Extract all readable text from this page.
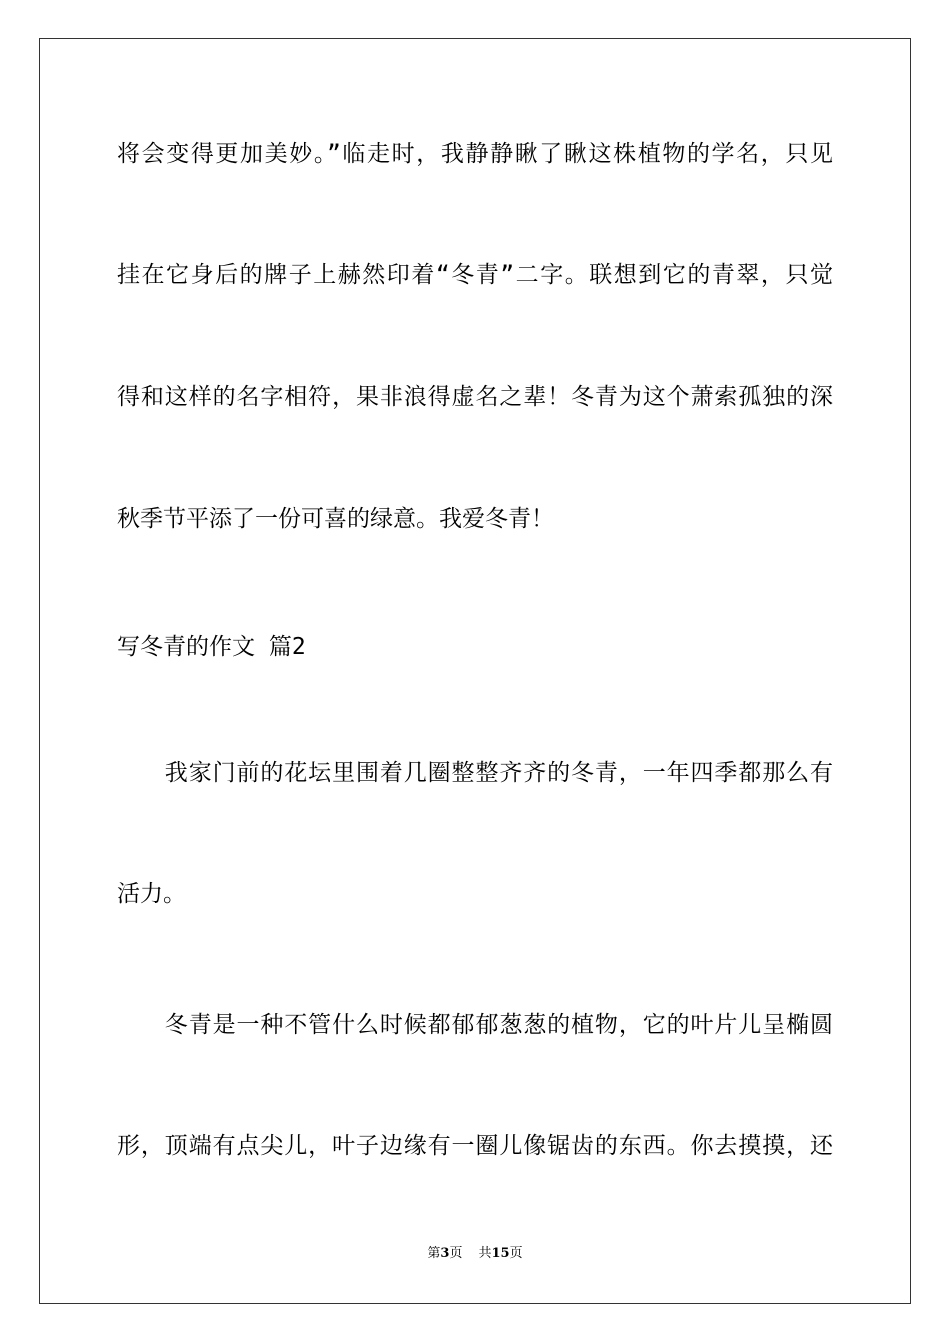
将会变得更加美妙。”临走时，我静静瞅了瞅这株植物的学名，只见
挂在它身后的牌子上赫然印着“冬青”二字。联想到它的青翠，只觉
得和这样的名字相符，果非浪得虚名之辈！冬青为这个萧索孤独的深
秋季节平添了一份可喜的绿意。我爱冬青！
写冬青的作文 篇2
　　我家门前的花坛里围着几圈整整齐齐的冬青，一年四季都那么有
活力。
　　冬青是一种不管什么时候都郁郁葱葱的植物，它的叶片儿呈椭圆
形，顶端有点尖儿，叶子边缘有一圈儿像锯齿的东西。你去摸摸，还
第3页 共15页
